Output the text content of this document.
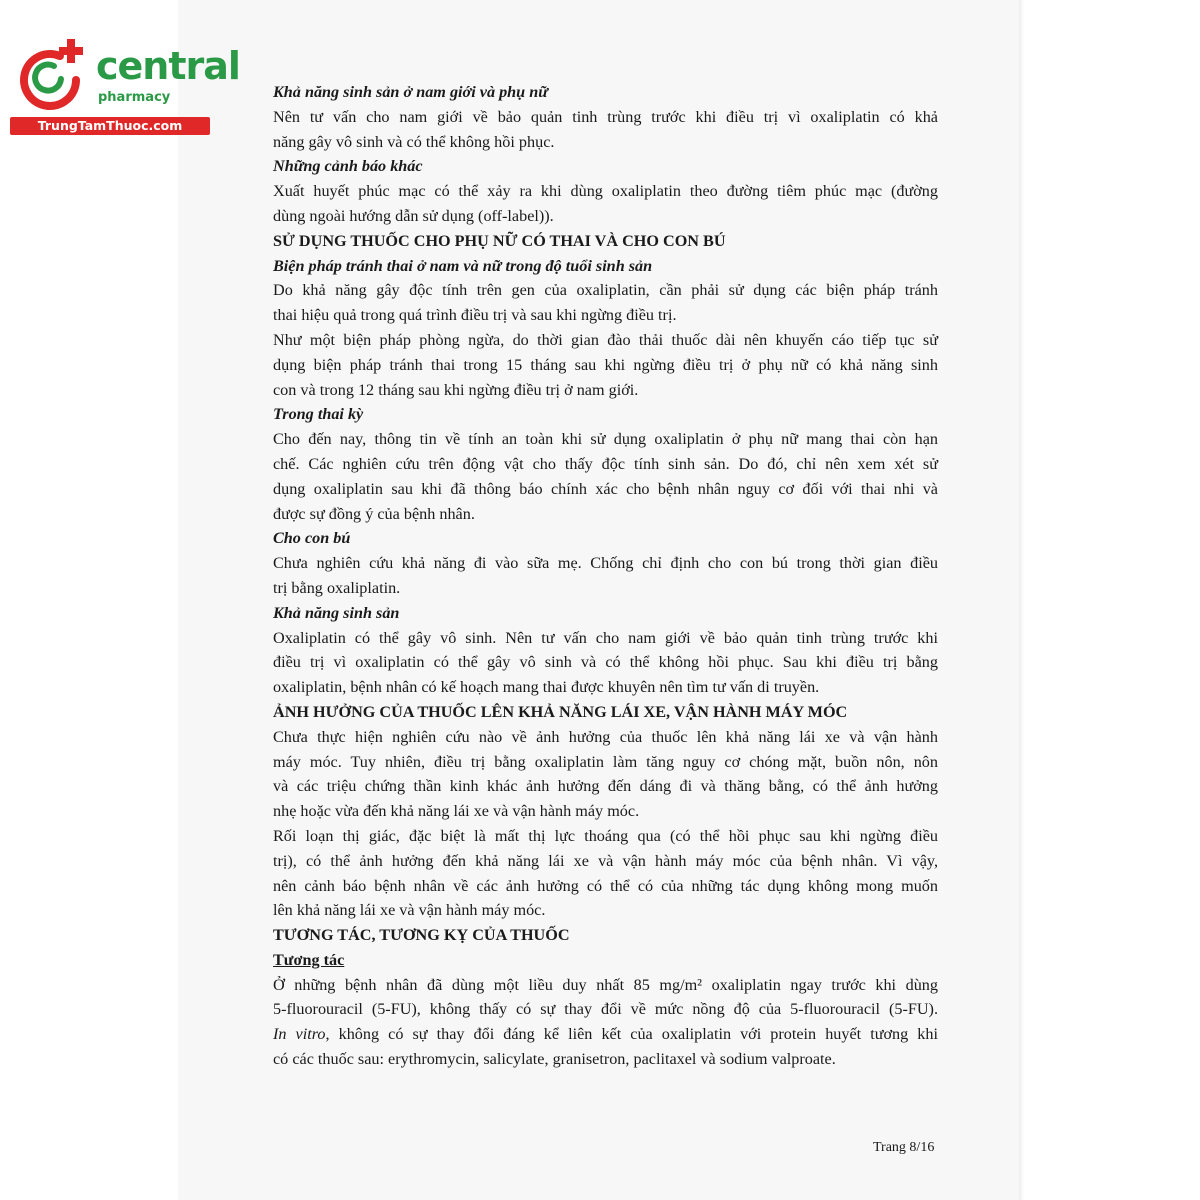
central
pharmacy
TrungTamThuoc.com
Khả năng sinh sản ở nam giới và phụ nữ
Nên tư vấn cho nam giới về bảo quản tinh trùng trước khi điều trị vì oxaliplatin có khả
năng gây vô sinh và có thể không hồi phục.
Những cảnh báo khác
Xuất huyết phúc mạc có thể xảy ra khi dùng oxaliplatin theo đường tiêm phúc mạc (đường
dùng ngoài hướng dẫn sử dụng (off-label)).
SỬ DỤNG THUỐC CHO PHỤ NỮ CÓ THAI VÀ CHO CON BÚ
Biện pháp tránh thai ở nam và nữ trong độ tuổi sinh sản
Do khả năng gây độc tính trên gen của oxaliplatin, cần phải sử dụng các biện pháp tránh
thai hiệu quả trong quá trình điều trị và sau khi ngừng điều trị.
Như một biện pháp phòng ngừa, do thời gian đào thải thuốc dài nên khuyến cáo tiếp tục sử
dụng biện pháp tránh thai trong 15 tháng sau khi ngừng điều trị ở phụ nữ có khả năng sinh
con và trong 12 tháng sau khi ngừng điều trị ở nam giới.
Trong thai kỳ
Cho đến nay, thông tin về tính an toàn khi sử dụng oxaliplatin ở phụ nữ mang thai còn hạn
chế. Các nghiên cứu trên động vật cho thấy độc tính sinh sản. Do đó, chỉ nên xem xét sử
dụng oxaliplatin sau khi đã thông báo chính xác cho bệnh nhân nguy cơ đối với thai nhi và
được sự đồng ý của bệnh nhân.
Cho con bú
Chưa nghiên cứu khả năng đi vào sữa mẹ. Chống chỉ định cho con bú trong thời gian điều
trị bằng oxaliplatin.
Khả năng sinh sản
Oxaliplatin có thể gây vô sinh. Nên tư vấn cho nam giới về bảo quản tinh trùng trước khi
điều trị vì oxaliplatin có thể gây vô sinh và có thể không hồi phục. Sau khi điều trị bằng
oxaliplatin, bệnh nhân có kế hoạch mang thai được khuyên nên tìm tư vấn di truyền.
ẢNH HƯỞNG CỦA THUỐC LÊN KHẢ NĂNG LÁI XE, VẬN HÀNH MÁY MÓC
Chưa thực hiện nghiên cứu nào về ảnh hưởng của thuốc lên khả năng lái xe và vận hành
máy móc. Tuy nhiên, điều trị bằng oxaliplatin làm tăng nguy cơ chóng mặt, buồn nôn, nôn
và các triệu chứng thần kinh khác ảnh hưởng đến dáng đi và thăng bằng, có thể ảnh hưởng
nhẹ hoặc vừa đến khả năng lái xe và vận hành máy móc.
Rối loạn thị giác, đặc biệt là mất thị lực thoáng qua (có thể hồi phục sau khi ngừng điều
trị), có thể ảnh hưởng đến khả năng lái xe và vận hành máy móc của bệnh nhân. Vì vậy,
nên cảnh báo bệnh nhân về các ảnh hưởng có thể có của những tác dụng không mong muốn
lên khả năng lái xe và vận hành máy móc.
TƯƠNG TÁC, TƯƠNG KỴ CỦA THUỐC
Tương tác
Ở những bệnh nhân đã dùng một liều duy nhất 85 mg/m² oxaliplatin ngay trước khi dùng
5-fluorouracil (5-FU), không thấy có sự thay đổi về mức nồng độ của 5-fluorouracil (5-FU).
In vitro, không có sự thay đổi đáng kể liên kết của oxaliplatin với protein huyết tương khi
có các thuốc sau: erythromycin, salicylate, granisetron, paclitaxel và sodium valproate.
Trang 8/16
